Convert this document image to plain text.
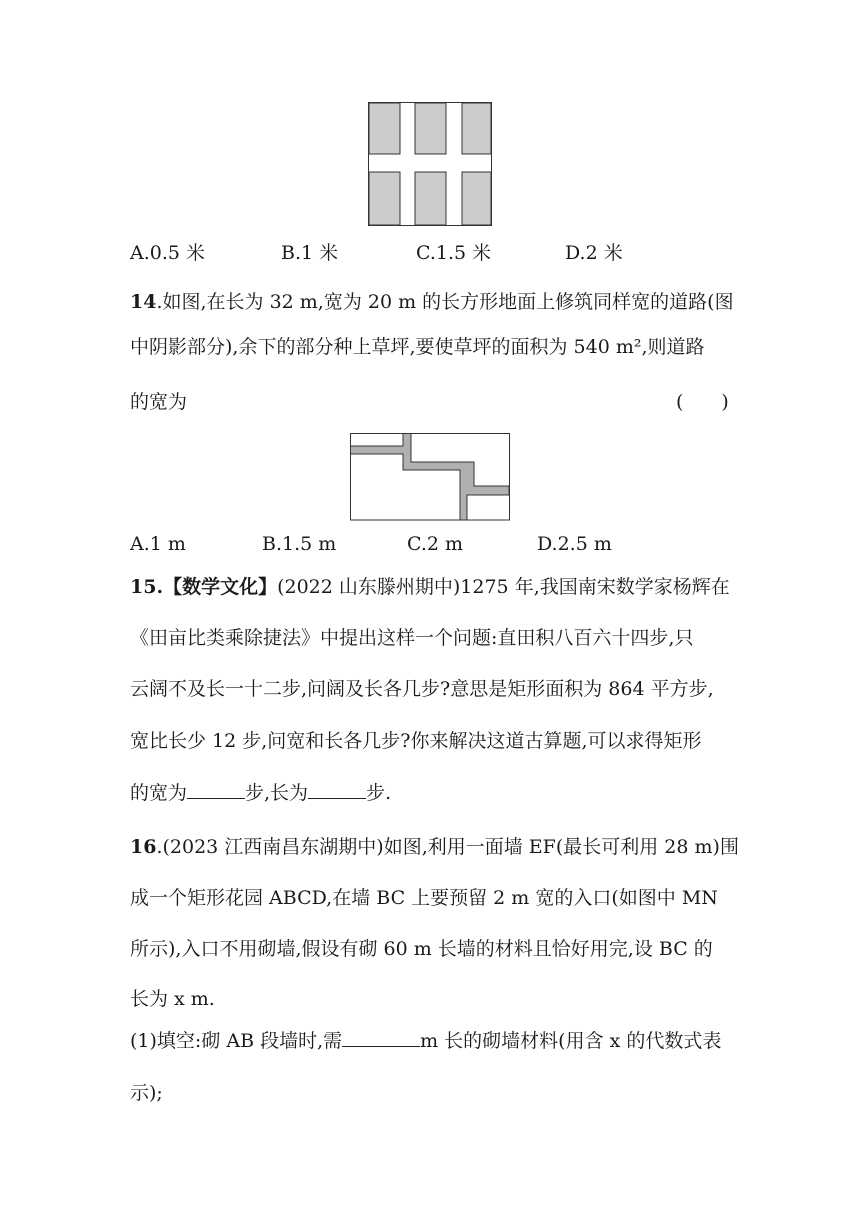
A.0.5 米	B.1 米	C.1.5 米	D.2 米
14.如图,在长为 32 m,宽为 20 m 的长方形地面上修筑同样宽的道路(图
中阴影部分),余下的部分种上草坪,要使草坪的面积为 540 m²,则道路
的宽为	(　　)
A.1 m	B.1.5 m	C.2 m	D.2.5 m
15.【数学文化】(2022 山东滕州期中)1275 年,我国南宋数学家杨辉在
《田亩比类乘除捷法》中提出这样一个问题:直田积八百六十四步,只
云阔不及长一十二步,问阔及长各几步?意思是矩形面积为 864 平方步,
宽比长少 12 步,问宽和长各几步?你来解决这道古算题,可以求得矩形
的宽为	步,长为	步.
16.(2023 江西南昌东湖期中)如图,利用一面墙 EF(最长可利用 28 m)围
成一个矩形花园 ABCD,在墙 BC 上要预留 2 m 宽的入口(如图中 MN
所示),入口不用砌墙,假设有砌 60 m 长墙的材料且恰好用完,设 BC 的
长为 x m.
(1)填空:砌 AB 段墙时,需	m 长的砌墙材料(用含 x 的代数式表
示);
